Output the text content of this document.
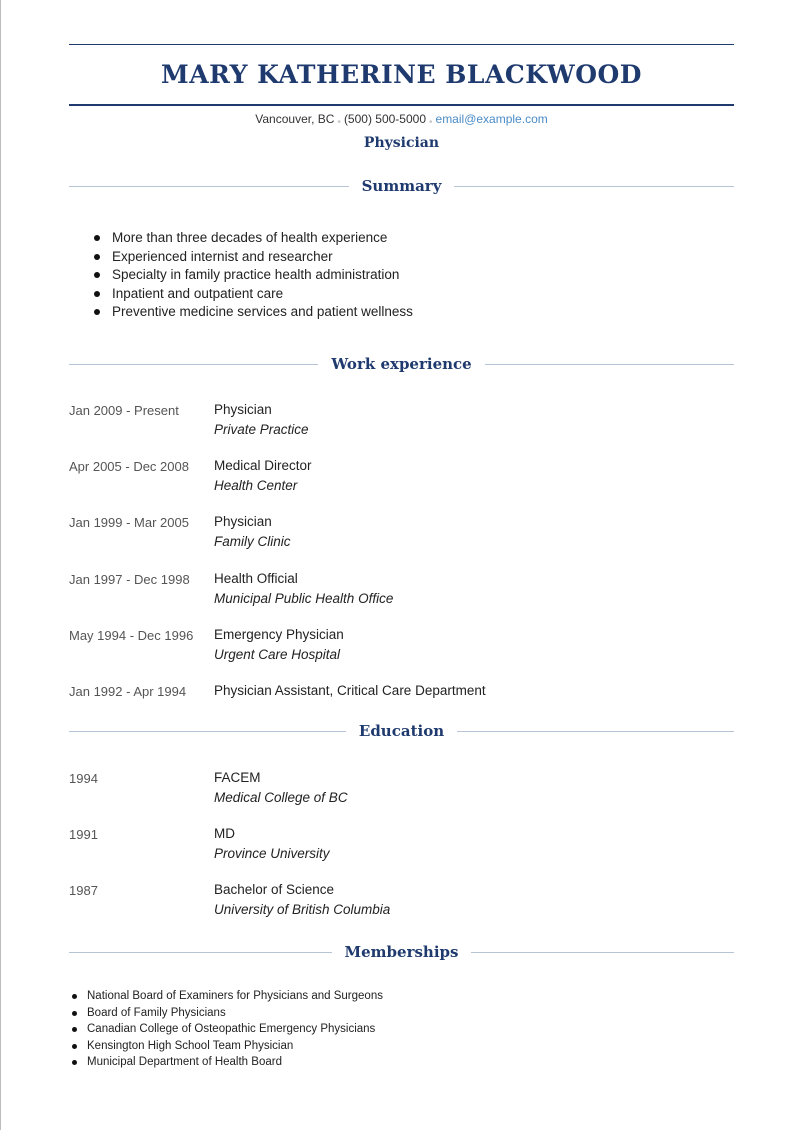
MARY KATHERINE BLACKWOOD
Vancouver, BC • (500) 500-5000 • email@example.com
Physician
Summary
More than three decades of health experience
Experienced internist and researcher
Specialty in family practice health administration
Inpatient and outpatient care
Preventive medicine services and patient wellness
Work experience
Jan 2009 - Present	Physician
Private Practice
Apr 2005 - Dec 2008	Medical Director
Health Center
Jan 1999 - Mar 2005	Physician
Family Clinic
Jan 1997 - Dec 1998	Health Official
Municipal Public Health Office
May 1994 - Dec 1996	Emergency Physician
Urgent Care Hospital
Jan 1992 - Apr 1994	Physician Assistant, Critical Care Department
Education
1994	FACEM
Medical College of BC
1991	MD
Province University
1987	Bachelor of Science
University of British Columbia
Memberships
National Board of Examiners for Physicians and Surgeons
Board of Family Physicians
Canadian College of Osteopathic Emergency Physicians
Kensington High School Team Physician
Municipal Department of Health Board
